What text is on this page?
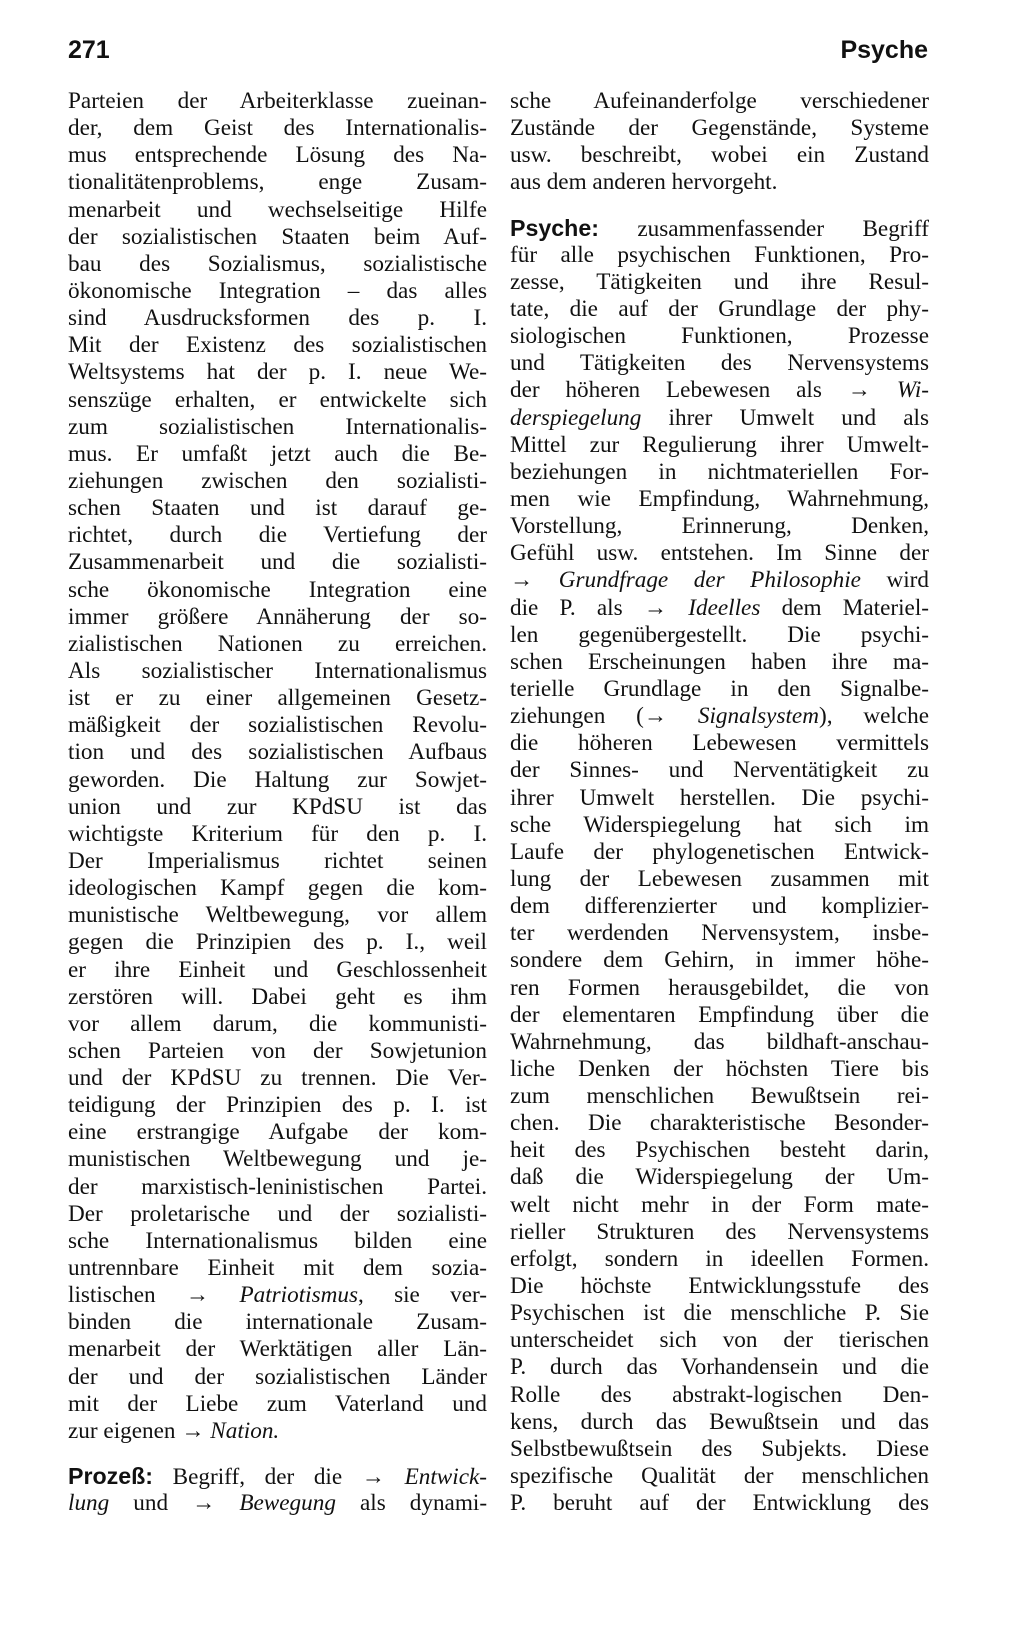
271	Psyche
Parteien der Arbeiterklasse zueinan-
der, dem Geist des Internationalis-
mus entsprechende Lösung des Na-
tionalitätenproblems, enge Zusam-
menarbeit und wechselseitige Hilfe
der sozialistischen Staaten beim Auf-
bau des Sozialismus, sozialistische
ökonomische Integration – das alles
sind Ausdrucksformen des p. I.
Mit der Existenz des sozialistischen
Weltsystems hat der p. I. neue We-
senszüge erhalten, er entwickelte sich
zum sozialistischen Internationalis-
mus. Er umfaßt jetzt auch die Be-
ziehungen zwischen den sozialisti-
schen Staaten und ist darauf ge-
richtet, durch die Vertiefung der
Zusammenarbeit und die sozialisti-
sche ökonomische Integration eine
immer größere Annäherung der so-
zialistischen Nationen zu erreichen.
Als sozialistischer Internationalismus
ist er zu einer allgemeinen Gesetz-
mäßigkeit der sozialistischen Revolu-
tion und des sozialistischen Aufbaus
geworden. Die Haltung zur Sowjet-
union und zur KPdSU ist das
wichtigste Kriterium für den p. I.
Der Imperialismus richtet seinen
ideologischen Kampf gegen die kom-
munistische Weltbewegung, vor allem
gegen die Prinzipien des p. I., weil
er ihre Einheit und Geschlossenheit
zerstören will. Dabei geht es ihm
vor allem darum, die kommunisti-
schen Parteien von der Sowjetunion
und der KPdSU zu trennen. Die Ver-
teidigung der Prinzipien des p. I. ist
eine erstrangige Aufgabe der kom-
munistischen Weltbewegung und je-
der marxistisch-leninistischen Partei.
Der proletarische und der sozialisti-
sche Internationalismus bilden eine
untrennbare Einheit mit dem sozia-
listischen → Patriotismus, sie ver-
binden die internationale Zusam-
menarbeit der Werktätigen aller Län-
der und der sozialistischen Länder
mit der Liebe zum Vaterland und
zur eigenen → Nation.
Prozeß: Begriff, der die → Entwick-
lung und → Bewegung als dynami-
sche Aufeinanderfolge verschiedener
Zustände der Gegenstände, Systeme
usw. beschreibt, wobei ein Zustand
aus dem anderen hervorgeht.
Psyche: zusammenfassender Begriff
für alle psychischen Funktionen, Pro-
zesse, Tätigkeiten und ihre Resul-
tate, die auf der Grundlage der phy-
siologischen Funktionen, Prozesse
und Tätigkeiten des Nervensystems
der höheren Lebewesen als → Wi-
derspiegelung ihrer Umwelt und als
Mittel zur Regulierung ihrer Umwelt-
beziehungen in nichtmateriellen For-
men wie Empfindung, Wahrnehmung,
Vorstellung, Erinnerung, Denken,
Gefühl usw. entstehen. Im Sinne der
→ Grundfrage der Philosophie wird
die P. als → Ideelles dem Materiel-
len gegenübergestellt. Die psychi-
schen Erscheinungen haben ihre ma-
terielle Grundlage in den Signalbe-
ziehungen (→ Signalsystem), welche
die höheren Lebewesen vermittels
der Sinnes- und Nerventätigkeit zu
ihrer Umwelt herstellen. Die psychi-
sche Widerspiegelung hat sich im
Laufe der phylogenetischen Entwick-
lung der Lebewesen zusammen mit
dem differenzierter und komplizier-
ter werdenden Nervensystem, insbe-
sondere dem Gehirn, in immer höhe-
ren Formen herausgebildet, die von
der elementaren Empfindung über die
Wahrnehmung, das bildhaft-anschau-
liche Denken der höchsten Tiere bis
zum menschlichen Bewußtsein rei-
chen. Die charakteristische Besonder-
heit des Psychischen besteht darin,
daß die Widerspiegelung der Um-
welt nicht mehr in der Form mate-
rieller Strukturen des Nervensystems
erfolgt, sondern in ideellen Formen.
Die höchste Entwicklungsstufe des
Psychischen ist die menschliche P. Sie
unterscheidet sich von der tierischen
P. durch das Vorhandensein und die
Rolle des abstrakt-logischen Den-
kens, durch das Bewußtsein und das
Selbstbewußtsein des Subjekts. Diese
spezifische Qualität der menschlichen
P. beruht auf der Entwicklung des
